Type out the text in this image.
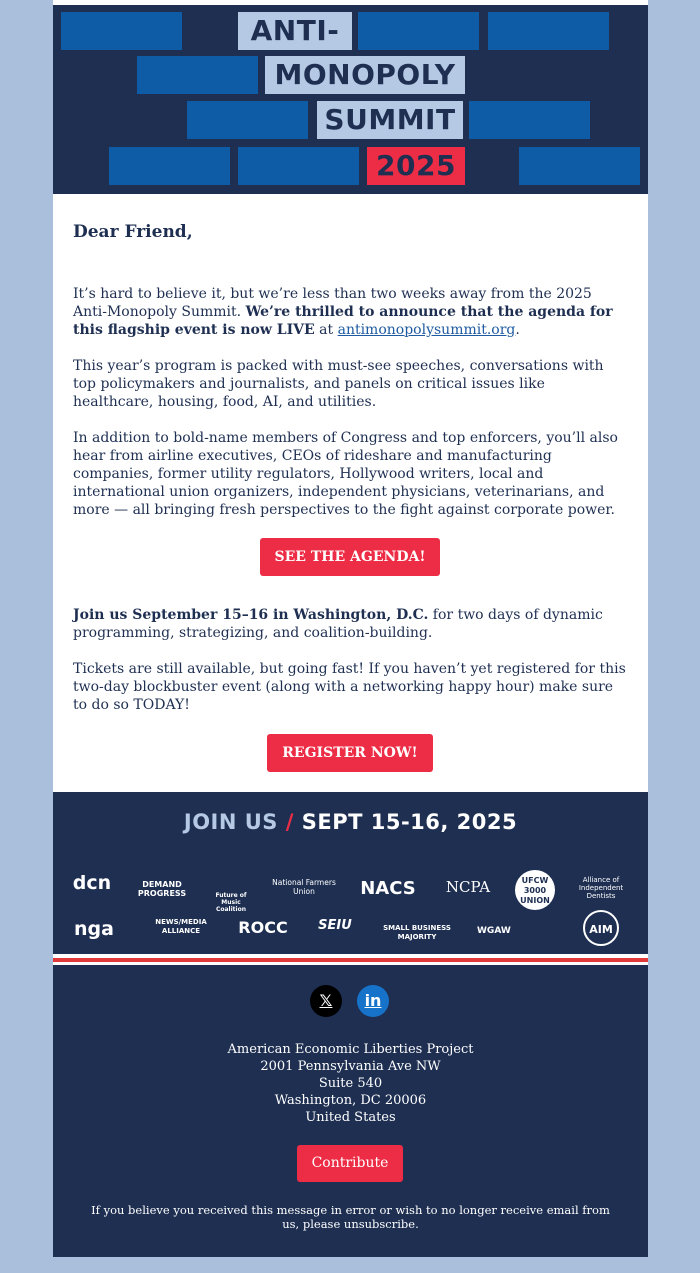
ANTI-
MONOPOLY
SUMMIT
2025
Dear Friend,
It’s hard to believe it, but we’re less than two weeks away from the 2025 Anti-Monopoly Summit. We’re thrilled to announce that the agenda for this flagship event is now LIVE at antimonopolysummit.org.
This year’s program is packed with must-see speeches, conversations with top policymakers and journalists, and panels on critical issues like healthcare, housing, food, AI, and utilities.
In addition to bold-name members of Congress and top enforcers, you’ll also hear from airline executives, CEOs of rideshare and manufacturing companies, former utility regulators, Hollywood writers, local and international union organizers, independent physicians, veterinarians, and more — all bringing fresh perspectives to the fight against corporate power.
SEE THE AGENDA!
Join us September 15–16 in Washington, D.C. for two days of dynamic programming, strategizing, and coalition-building.
Tickets are still available, but going fast! If you haven’t yet registered for this two-day blockbuster event (along with a networking happy hour) make sure to do so TODAY!
REGISTER NOW!
JOIN US / SEPT 15-16, 2025
dcn	DEMAND PROGRESS	Future of Music Coalition
National Farmers Union	NACS	NCPA	UFCW 3000 UNION
Alliance of Independent Dentists
nga	NEWS/MEDIA ALLIANCE	ROCC	SEIU	SMALL BUSINESS MAJORITY
WGAW	AIM
𝕏	in
American Economic Liberties Project
2001 Pennsylvania Ave NW
Suite 540
Washington, DC 20006
United States
Contribute
If you believe you received this message in error or wish to no longer receive email from us, please unsubscribe.
